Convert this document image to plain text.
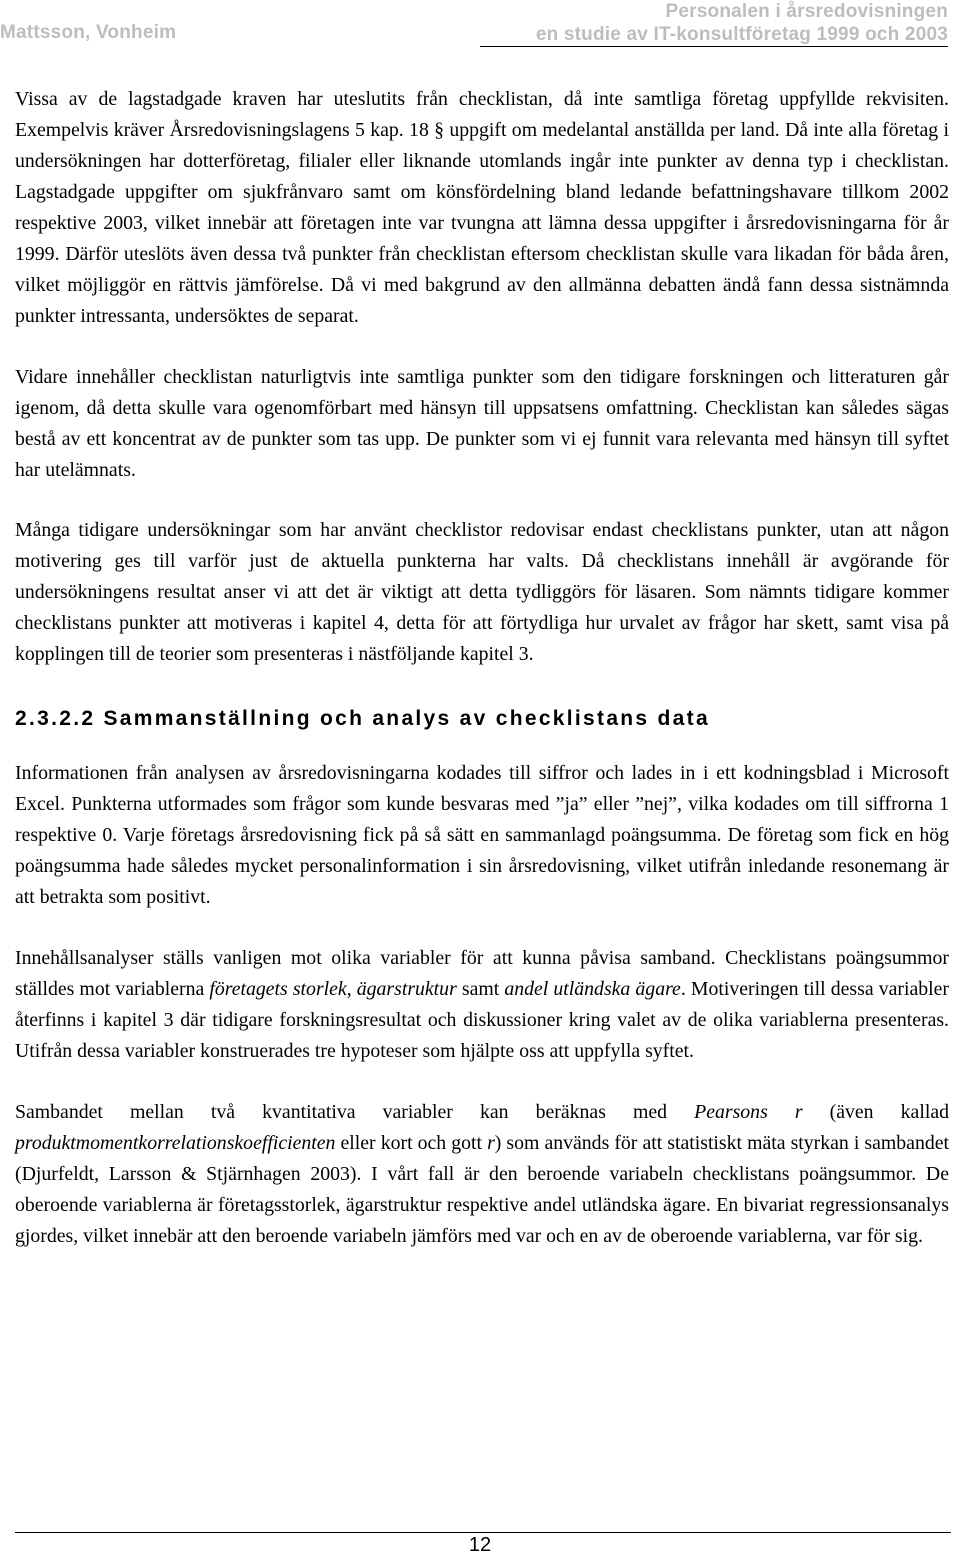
Mattsson, Vonheim
Personalen i årsredovisningen
en studie av IT-konsultföretag 1999 och 2003

Vissa av de lagstadgade kraven har uteslutits från checklistan, då inte samtliga företag uppfyllde rekvisiten. Exempelvis kräver Årsredovisningslagens 5 kap. 18 § uppgift om medelantal anställda per land. Då inte alla företag i undersökningen har dotterföretag, filialer eller liknande utomlands ingår inte punkter av denna typ i checklistan. Lagstadgade uppgifter om sjukfrånvaro samt om könsfördelning bland ledande befattningshavare tillkom 2002 respektive 2003, vilket innebär att företagen inte var tvungna att lämna dessa uppgifter i årsredovisningarna för år 1999. Därför uteslöts även dessa två punkter från checklistan eftersom checklistan skulle vara likadan för båda åren, vilket möjliggör en rättvis jämförelse. Då vi med bakgrund av den allmänna debatten ändå fann dessa sistnämnda punkter intressanta, undersöktes de separat.

Vidare innehåller checklistan naturligtvis inte samtliga punkter som den tidigare forskningen och litteraturen går igenom, då detta skulle vara ogenomförbart med hänsyn till uppsatsens omfattning. Checklistan kan således sägas bestå av ett koncentrat av de punkter som tas upp. De punkter som vi ej funnit vara relevanta med hänsyn till syftet har utelämnats.

Många tidigare undersökningar som har använt checklistor redovisar endast checklistans punkter, utan att någon motivering ges till varför just de aktuella punkterna har valts. Då checklistans innehåll är avgörande för undersökningens resultat anser vi att det är viktigt att detta tydliggörs för läsaren. Som nämnts tidigare kommer checklistans punkter att motiveras i kapitel 4, detta för att förtydliga hur urvalet av frågor har skett, samt visa på kopplingen till de teorier som presenteras i nästföljande kapitel 3.

2.3.2.2 Sammanställning och analys av checklistans data

Informationen från analysen av årsredovisningarna kodades till siffror och lades in i ett kodningsblad i Microsoft Excel. Punkterna utformades som frågor som kunde besvaras med ”ja” eller ”nej”, vilka kodades om till siffrorna 1 respektive 0. Varje företags årsredovisning fick på så sätt en sammanlagd poängsumma. De företag som fick en hög poängsumma hade således mycket personalinformation i sin årsredovisning, vilket utifrån inledande resonemang är att betrakta som positivt.

Innehållsanalyser ställs vanligen mot olika variabler för att kunna påvisa samband. Checklistans poängsummor ställdes mot variablerna företagets storlek, ägarstruktur samt andel utländska ägare. Motiveringen till dessa variabler återfinns i kapitel 3 där tidigare forskningsresultat och diskussioner kring valet av de olika variablerna presenteras. Utifrån dessa variabler konstruerades tre hypoteser som hjälpte oss att uppfylla syftet.

Sambandet mellan två kvantitativa variabler kan beräknas med Pearsons r (även kallad produktmomentkorrelationskoefficienten eller kort och gott r) som används för att statistiskt mäta styrkan i sambandet (Djurfeldt, Larsson & Stjärnhagen 2003). I vårt fall är den beroende variabeln checklistans poängsummor. De oberoende variablerna är företagsstorlek, ägarstruktur respektive andel utländska ägare. En bivariat regressionsanalys gjordes, vilket innebär att den beroende variabeln jämförs med var och en av de oberoende variablerna, var för sig.

12
